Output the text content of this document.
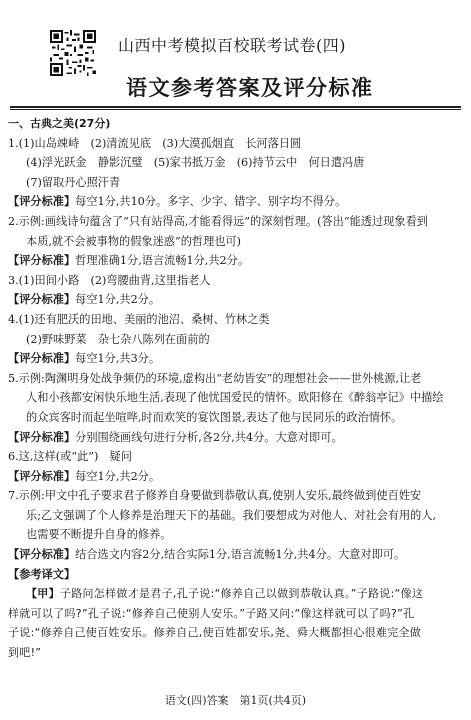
山西中考模拟百校联考试卷(四)
语文参考答案及评分标准
一、古典之美(27分)
1.(1)山岛竦峙　(2)清流见底　(3)大漠孤烟直　长河落日圆
(4)浮光跃金　静影沉璧　(5)家书抵万金　(6)持节云中　何日遣冯唐
(7)留取丹心照汗青
【评分标准】每空1分,共10分。多字、少字、错字、别字均不得分。
2.示例:画线诗句蕴含了“只有站得高,才能看得远”的深刻哲理。(答出“能透过现象看到
本质,就不会被事物的假象迷惑”的哲理也可)
【评分标准】哲理准确1分,语言流畅1分,共2分。
3.(1)田间小路　(2)弯腰曲背,这里指老人
【评分标准】每空1分,共2分。
4.(1)还有肥沃的田地、美丽的池沼、桑树、竹林之类
(2)野味野菜　杂七杂八陈列在面前的
【评分标准】每空1分,共3分。
5.示例:陶渊明身处战争频仍的环境,虚构出“老幼皆安”的理想社会——世外桃源,让老
人和小孩都安闲快乐地生活,表现了他忧国爱民的情怀。欧阳修在《醉翁亭记》中描绘
的众宾客时而起坐喧哗,时而欢笑的宴饮图景,表达了他与民同乐的政治情怀。
【评分标准】分别围绕画线句进行分析,各2分,共4分。大意对即可。
6.这,这样(或“此”)　疑问
【评分标准】每空1分,共2分。
7.示例:甲文中孔子要求君子修养自身要做到恭敬认真,使别人安乐,最终做到使百姓安
乐;乙文强调了个人修养是治理天下的基础。我们要想成为对他人、对社会有用的人,
也需要不断提升自身的修养。
【评分标准】结合选文内容2分,结合实际1分,语言流畅1分,共4分。大意对即可。
【参考译文】
【甲】子路问怎样做才是君子,孔子说:“修养自己以做到恭敬认真。”子路说:“像这
样就可以了吗?”孔子说:“修养自己使别人安乐。”子路又问:“像这样就可以了吗?”孔
子说:“修养自己使百姓安乐。修养自己,使百姓都安乐,尧、舜大概都担心很难完全做
到吧!”
语文(四)答案　第1页(共4页)
